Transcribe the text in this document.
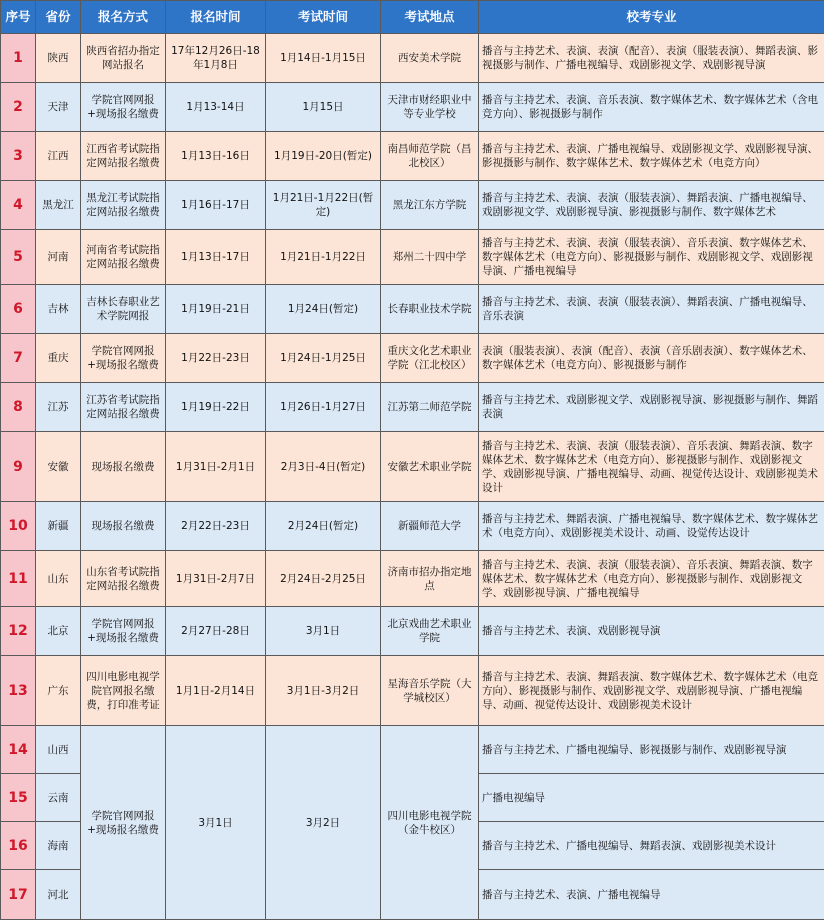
序号	省份	报名方式	报名时间	考试时间	考试地点	校考专业
1	陕西	陕西省招办指定网站报名	17年12月26日-18年1月8日	1月14日-1月15日	西安美术学院	播音与主持艺术、表演、表演（配音）、表演（服装表演）、舞蹈表演、影视摄影与制作、广播电视编导、戏剧影视文学、戏剧影视导演
2	天津	学院官网网报+现场报名缴费	1月13-14日	1月15日	天津市财经职业中等专业学校	播音与主持艺术、表演、音乐表演、数字媒体艺术、数字媒体艺术（含电竞方向）、影视摄影与制作
3	江西	江西省考试院指定网站报名缴费	1月13日-16日	1月19日-20日(暂定)	南昌师范学院（昌北校区）	播音与主持艺术、表演、广播电视编导、戏剧影视文学、戏剧影视导演、影视摄影与制作、数字媒体艺术、数字媒体艺术（电竞方向）
4	黑龙江	黑龙江考试院指定网站报名缴费	1月16日-17日	1月21日-1月22日(暂定)	黑龙江东方学院	播音与主持艺术、表演、表演（服装表演）、舞蹈表演、广播电视编导、戏剧影视文学、戏剧影视导演、影视摄影与制作、数字媒体艺术
5	河南	河南省考试院指定网站报名缴费	1月13日-17日	1月21日-1月22日	郑州二十四中学	播音与主持艺术、表演、表演（服装表演）、音乐表演、数字媒体艺术、数字媒体艺术（电竞方向）、影视摄影与制作、戏剧影视文学、戏剧影视导演、广播电视编导
6	吉林	吉林长春职业艺术学院网报	1月19日-21日	1月24日(暂定)	长春职业技术学院	播音与主持艺术、表演、表演（服装表演）、舞蹈表演、广播电视编导、音乐表演
7	重庆	学院官网网报+现场报名缴费	1月22日-23日	1月24日-1月25日	重庆文化艺术职业学院（江北校区）	表演（服装表演）、表演（配音）、表演（音乐剧表演）、数字媒体艺术、数字媒体艺术（电竞方向）、影视摄影与制作
8	江苏	江苏省考试院指定网站报名缴费	1月19日-22日	1月26日-1月27日	江苏第二师范学院	播音与主持艺术、戏剧影视文学、戏剧影视导演、影视摄影与制作、舞蹈表演
9	安徽	现场报名缴费	1月31日-2月1日	2月3日-4日(暂定)	安徽艺术职业学院	播音与主持艺术、表演、表演（服装表演）、音乐表演、舞蹈表演、数字媒体艺术、数字媒体艺术（电竞方向）、影视摄影与制作、戏剧影视文学、戏剧影视导演、广播电视编导、动画、视觉传达设计、戏剧影视美术设计
10	新疆	现场报名缴费	2月22日-23日	2月24日(暂定)	新疆师范大学	播音与主持艺术、舞蹈表演、广播电视编导、数字媒体艺术、数字媒体艺术（电竞方向）、戏剧影视美术设计、动画、设觉传达设计
11	山东	山东省考试院指定网站报名缴费	1月31日-2月7日	2月24日-2月25日	济南市招办指定地点	播音与主持艺术、表演、表演（服装表演）、音乐表演、舞蹈表演、数字媒体艺术、数字媒体艺术（电竞方向）、影视摄影与制作、戏剧影视文学、戏剧影视导演、广播电视编导
12	北京	学院官网网报+现场报名缴费	2月27日-28日	3月1日	北京戏曲艺术职业学院	播音与主持艺术、表演、戏剧影视导演
13	广东	四川电影电视学院官网报名缴费，打印准考证	1月1日-2月14日	3月1日-3月2日	星海音乐学院（大学城校区）	播音与主持艺术、表演、舞蹈表演、数字媒体艺术、数字媒体艺术（电竞方向）、影视摄影与制作、戏剧影视文学、戏剧影视导演、广播电视编导、动画、视觉传达设计、戏剧影视美术设计
14	山西	学院官网网报+现场报名缴费	3月1日	3月2日	四川电影电视学院（金牛校区）	播音与主持艺术、广播电视编导、影视摄影与制作、戏剧影视导演
15	云南					广播电视编导
16	海南					播音与主持艺术、广播电视编导、舞蹈表演、戏剧影视美术设计
17	河北					播音与主持艺术、表演、广播电视编导
